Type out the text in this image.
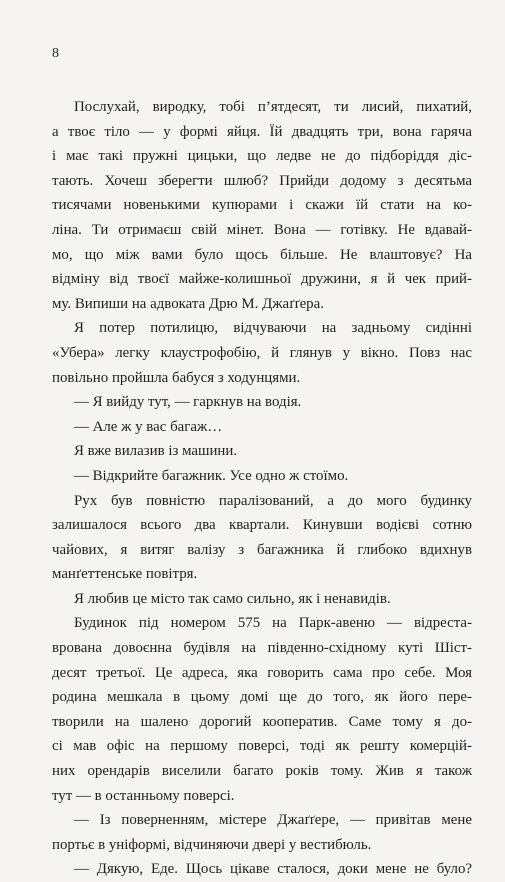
8
Послухай, виродку, тобі п’ятдесят, ти лисий, пихатий,
а твоє тіло — у формі яйця. Їй двадцять три, вона гаряча
і має такі пружні цицьки, що ледве не до підборіддя діс-
тають. Хочеш зберегти шлюб? Прийди додому з десятьма
тисячами новенькими купюрами і скажи їй стати на ко-
ліна. Ти отримаєш свій мінет. Вона — готівку. Не вдавай-
мо, що між вами було щось більше. Не влаштовує? На
відміну від твоєї майже-колишньої дружини, я й чек прий-
му. Випиши на адвоката Дрю М. Джаґґера.
Я потер потилицю, відчуваючи на задньому сидінні
«Убера» легку клаустрофобію, й глянув у вікно. Повз нас
повільно пройшла бабуся з ходунцями.
— Я вийду тут, — гаркнув на водія.
— Але ж у вас багаж…
Я вже вилазив із машини.
— Відкрийте багажник. Усе одно ж стоїмо.
Рух був повністю паралізований, а до мого будинку
залишалося всього два квартали. Кинувши водієві сотню
чайових, я витяг валізу з багажника й глибоко вдихнув
манґеттенське повітря.
Я любив це місто так само сильно, як і ненавидів.
Будинок під номером 575 на Парк-авеню — відреста-
врована довоєнна будівля на південно-східному куті Шіст-
десят третьої. Це адреса, яка говорить сама про себе. Моя
родина мешкала в цьому домі ще до того, як його пере-
творили на шалено дорогий кооператив. Саме тому я до-
сі мав офіс на першому поверсі, тоді як решту комерцій-
них орендарів виселили багато років тому. Жив я також
тут — в останньому поверсі.
— Із поверненням, містере Джаґґере, — привітав мене
портьє в уніформі, відчиняючи двері у вестибюль.
— Дякую, Еде. Щось цікаве сталося, доки мене не було?
